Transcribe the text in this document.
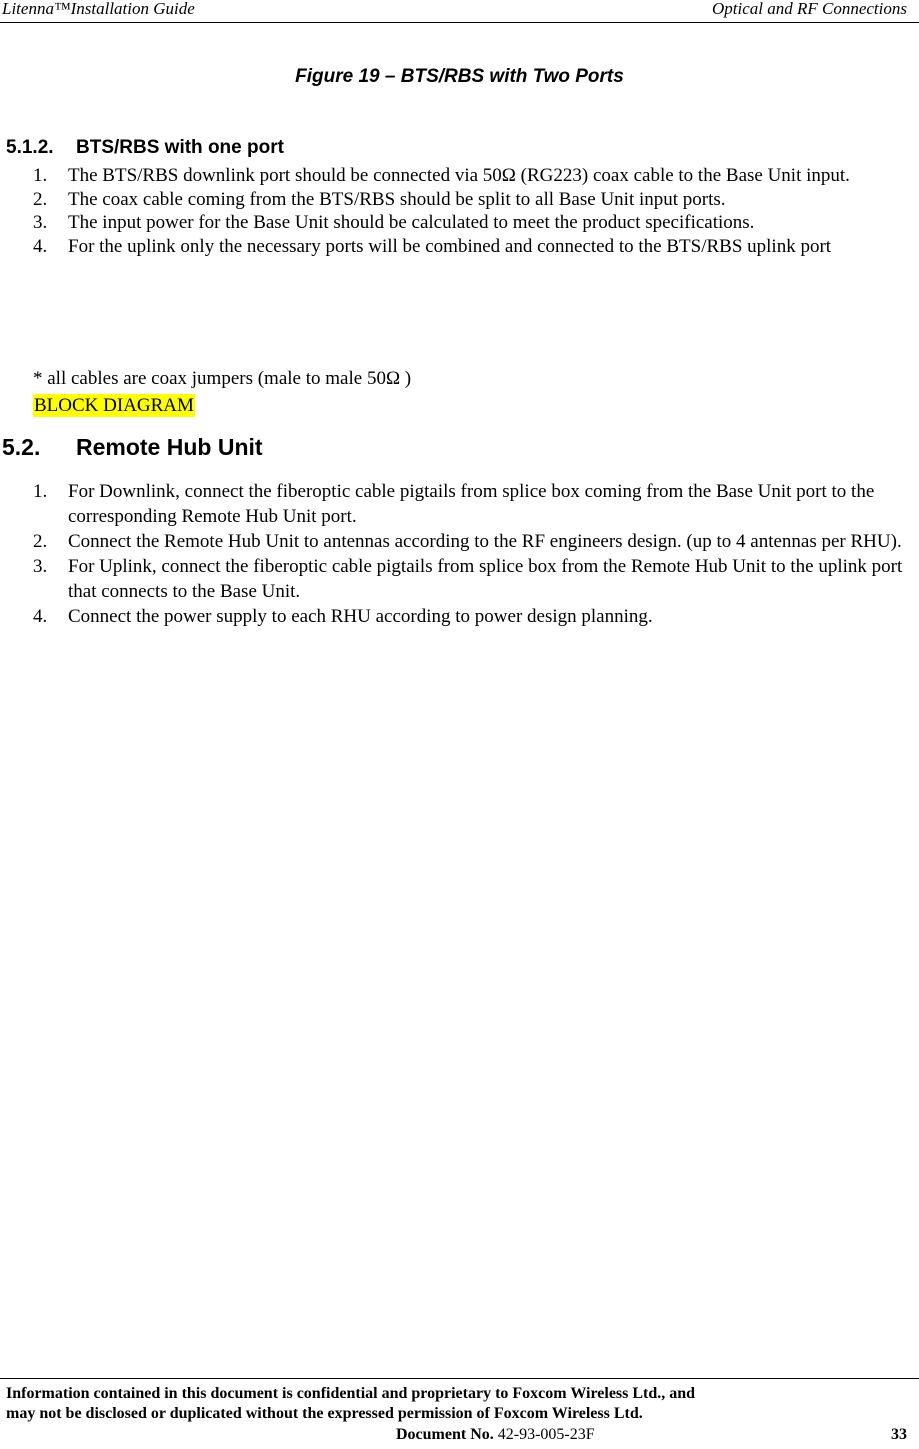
Litenna™Installation Guide	Optical and RF Connections
Figure 19 – BTS/RBS with Two Ports
5.1.2. BTS/RBS with one port
1. The BTS/RBS downlink port should be connected via 50Ω (RG223) coax cable to the Base Unit input.
2. The coax cable coming from the BTS/RBS should be split to all Base Unit input ports.
3. The input power for the Base Unit should be calculated to meet the product specifications.
4. For the uplink only the necessary ports will be combined and connected to the BTS/RBS uplink port
* all cables are coax jumpers (male to male 50Ω )
BLOCK DIAGRAM
5.2. Remote Hub Unit
1. For Downlink, connect the fiberoptic cable pigtails from splice box coming from the Base Unit port to the corresponding Remote Hub Unit port.
2. Connect the Remote Hub Unit to antennas according to the RF engineers design. (up to 4 antennas per RHU).
3. For Uplink, connect the fiberoptic cable pigtails from splice box from the Remote Hub Unit to the uplink port that connects to the Base Unit.
4. Connect the power supply to each RHU according to power design planning.
Information contained in this document is confidential and proprietary to Foxcom Wireless Ltd., and
may not be disclosed or duplicated without the expressed permission of Foxcom Wireless Ltd.
Document No. 42-93-005-23F	33
